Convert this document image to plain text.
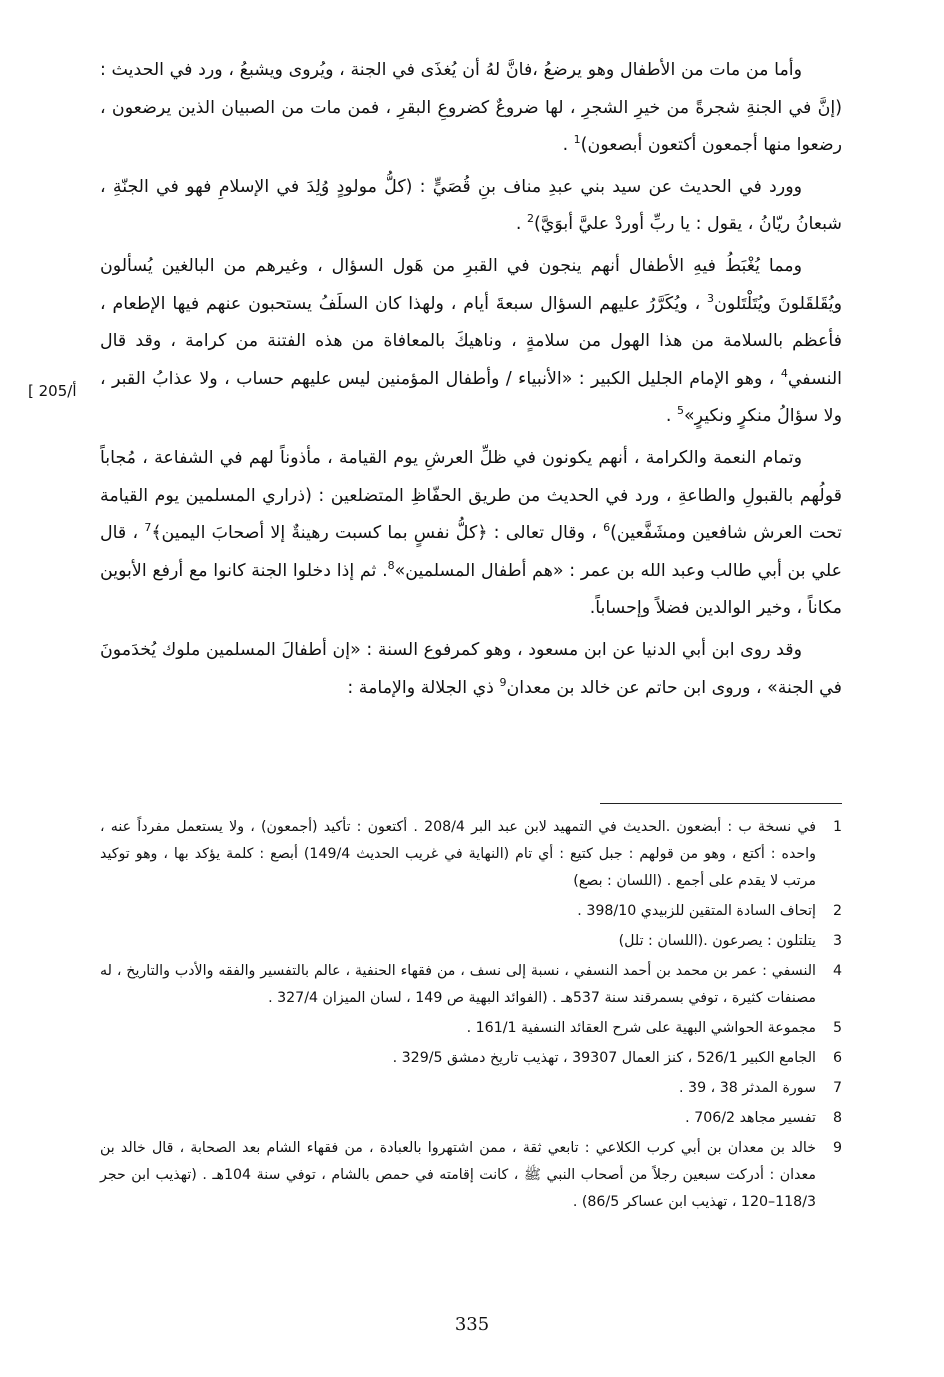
وأما من مات من الأطفال وهو يرضعُ ،فانَّ لهُ أن يُغذَى في الجنة ، ويُروى ويشبعُ ، ورد في الحديث : (إنَّ في الجنةِ شجرةً من خيرِ الشجرِ ، لها ضروعٌ كضروعِ البقرِ ، فمن مات من الصبيان الذين يرضعون ، رضعوا منها أجمعون أكتعون أبصعون)$^1$ .

وورد في الحديث عن سيد بني عبدِ مناف بنِ قُصَيٍّ : (كلُّ مولودٍ وُلِدَ في الإسلامِ فهو في الجنّةِ ، شبعانُ ريّانُ ، يقول : يا ربِّ أوردْ عليَّ أبوَيَّ)$^2$ .

ومما يُغْبَطُ فيهِ الأطفال أنهم ينجون في القبرِ من هَول السؤال ، وغيرهم من البالغين يُسألون ويُقَلقَلونَ ويُتَلْتَلون$^3$ ، ويُكَرَّرُ عليهم السؤال سبعةَ أيام ، ولهذا كان السلَفُ يستحبون عنهم فيها الإطعام ، فأعظم بالسلامة من هذا الهول من سلامةٍ ، وناهيكَ بالمعافاة من هذه الفتنة من كرامة ، وقد قال النسفي$^4$ ، وهو الإمام الجليل الكبير : «الأنبياء / وأطفال المؤمنين ليس عليهم حساب ، ولا عذابُ القبر ، ولا سؤالُ منكرٍ ونكيرٍ»$^5$ .

وتمام النعمة والكرامة ، أنهم يكونون في ظلِّ العرشِ يوم القيامة ، مأذوناً لهم في الشفاعة ، مُجاباً قولُهم بالقبولِ والطاعةِ ، ورد في الحديث من طريق الحفّاظِ المتضلعين : (ذراري المسلمين يوم القيامة تحت العرش شافعين ومشَفَّعين)$^6$ ، وقال تعالى : ﴿كلُّ نفسٍ بما كسبت رهينةٌ إلا أصحابَ اليمين﴾$^7$ ، قال علي بن أبي طالب وعبد الله بن عمر : «هم أطفال المسلمين»$^8$. ثم إذا دخلوا الجنة كانوا مع أرفع الأبوين مكاناً ، وخير الوالدين فضلاً وإحساباً.

وقد روى ابن أبي الدنيا عن ابن مسعود ، وهو كمرفوع السنة : «إن أطفالَ المسلمين ملوك يُخدَمونَ في الجنة» ، وروى ابن حاتم عن خالد بن معدان$^9$ ذي الجلالة والإمامة :

[ 205/أ
1
في نسخة ب : أبضعون .الحديث في التمهيد لابن عبد البر 208/4 . أكتعون : تأكيد (أجمعون) ، ولا يستعمل مفرداً عنه ، واحده : أكتع ، وهو من قولهم : جبل كتيع : أي تام (النهاية في غريب الحديث 149/4) أبصع : كلمة يؤكد بها ، وهو توكيد مرتب لا يقدم على أجمع . (اللسان : بصع)
2
إتحاف السادة المتقين للزبيدي 398/10 .
3
يتلتلون : يصرعون .(اللسان : تلل)
4
النسفي : عمر بن محمد بن أحمد النسفي ، نسبة إلى نسف ، من فقهاء الحنفية ، عالم بالتفسير والفقه والأدب والتاريخ ، له مصنفات كثيرة ، توفي بسمرقند سنة 537هـ . (الفوائد البهية ص 149 ، لسان الميزان 327/4 .
5
مجموعة الحواشي البهية على شرح العقائد النسفية 161/1 .
6
الجامع الكبير 526/1 ، كنز العمال 39307 ، تهذيب تاريخ دمشق 329/5 .
7
سورة المدثر 38 ، 39 .
8
تفسير مجاهد 706/2 .
9
خالد بن معدان بن أبي كرب الكلاعي : تابعي ثقة ، ممن اشتهروا بالعبادة ، من فقهاء الشام بعد الصحابة ، قال خالد بن معدان : أدركت سبعين رجلاً من أصحاب النبي ﷺ ، كانت إقامته في حمص بالشام ، توفي سنة 104هـ . (تهذيب ابن حجر 118/3–120 ، تهذيب ابن عساكر 86/5) .
335
